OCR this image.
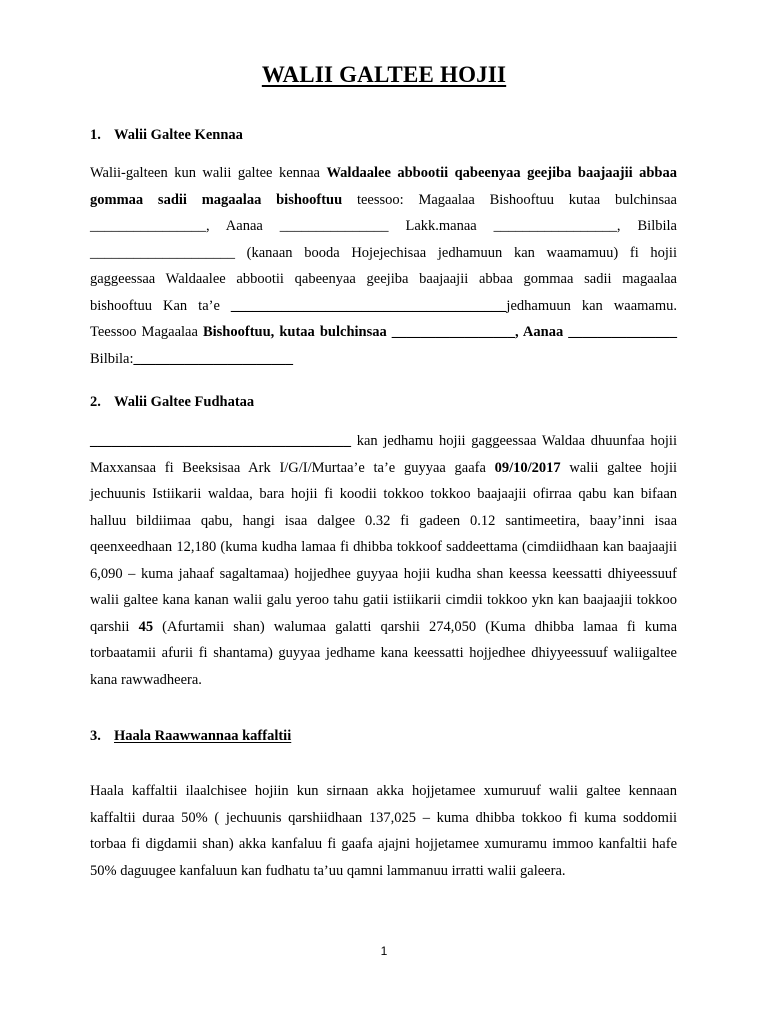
WALII GALTEE HOJII
1. Walii Galtee Kennaa

Walii-galteen kun walii galtee kennaa Waldaalee abbootii qabeenyaa geejiba baajaajii abbaa gommaa sadii magaalaa bishooftuu teessoo: Magaalaa Bishooftuu kutaa bulchinsaa ________________, Aanaa _______________ Lakk.manaa _________________, Bilbila ____________________ (kanaan booda Hojejechisaa jedhamuun kan waamamuu) fi hojii gaggeessaa Waldaalee abbootii qabeenyaa geejiba baajaajii abbaa gommaa sadii magaalaa bishooftuu Kan ta’e ______________________________________jedhamuun kan waamamu. Teessoo Magaalaa Bishooftuu, kutaa bulchinsaa _________________, Aanaa _______________ Bilbila:______________________

2. Walii Galtee Fudhataa

____________________________________ kan jedhamu hojii gaggeessaa Waldaa dhuunfaa hojii Maxxansaa fi Beeksisaa Ark I/G/I/Murtaa’e ta’e guyyaa gaafa 09/10/2017 walii galtee hojii jechuunis Istiikarii waldaa, bara hojii fi koodii tokkoo tokkoo baajaajii ofirraa qabu kan bifaan halluu bildiimaa qabu, hangi isaa dalgee 0.32 fi gadeen 0.12 santimeetira, baay’inni isaa qeenxeedhaan 12,180 (kuma kudha lamaa fi dhibba tokkoof saddeettama (cimdiidhaan kan baajaajii 6,090 – kuma jahaaf sagaltamaa) hojjedhee guyyaa hojii kudha shan keessa keessatti dhiyeessuuf walii galtee kana kanan walii galu yeroo tahu gatii istiikarii cimdii tokkoo ykn kan baajaajii tokkoo qarshii 45 (Afurtamii shan) walumaa galatti qarshii 274,050 (Kuma dhibba lamaa fi kuma torbaatamii afurii fi shantama) guyyaa jedhame kana keessatti hojjedhee dhiyyeessuuf waliigaltee kana rawwadheera.

3. Haala Raawwannaa kaffaltii

Haala kaffaltii ilaalchisee hojiin kun sirnaan akka hojjetamee xumuruuf walii galtee kennaan kaffaltii duraa 50% ( jechuunis qarshiidhaan 137,025 – kuma dhibba tokkoo fi kuma soddomii torbaa fi digdamii shan) akka kanfaluu fi gaafa ajajni hojjetamee xumuramu immoo kanfaltii hafe 50% daguugee kanfaluun kan fudhatu ta’uu qamni lammanuu irratti walii galeera.

1
